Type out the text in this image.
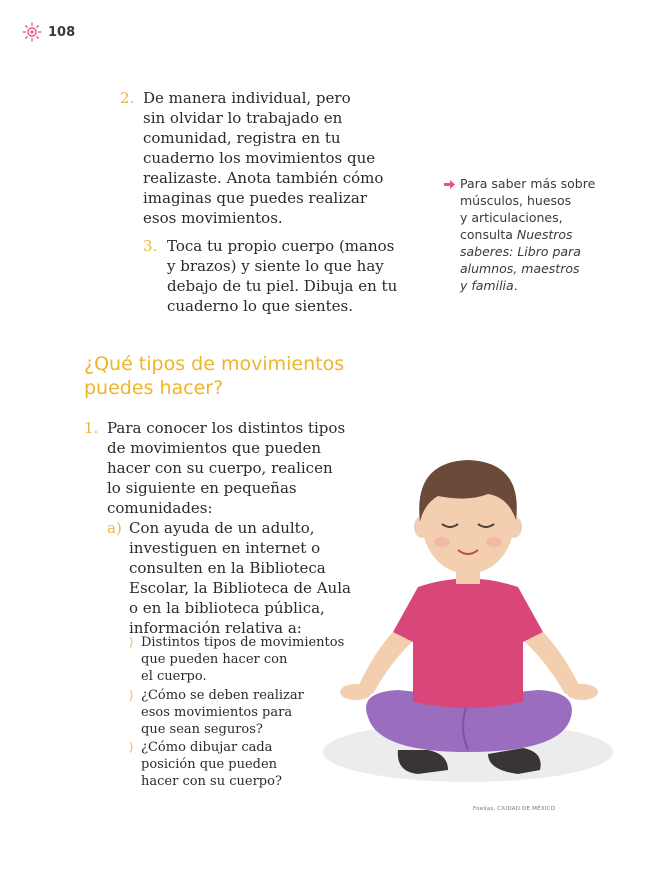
108
2. De manera individual, pero
sin olvidar lo trabajado en
comunidad, registra en tu
cuaderno los movimientos que
realizaste. Anota también cómo
imaginas que puedes realizar
esos movimientos.
3. Toca tu propio cuerpo (manos
y brazos) y siente lo que hay
debajo de tu piel. Dibuja en tu
cuaderno lo que sientes.
Para saber más sobre
músculos, huesos
y articulaciones,
consulta Nuestros
saberes: Libro para
alumnos, maestros
y familia.
¿Qué tipos de movimientos
puedes hacer?
1. Para conocer los distintos tipos
de movimientos que pueden
hacer con su cuerpo, realicen
lo siguiente en pequeñas
comunidades:
a) Con ayuda de un adulto,
investiguen en internet o
consulten en la Biblioteca
Escolar, la Biblioteca de Aula
o en la biblioteca pública,
información relativa a:
⟩ Distintos tipos de movimientos
que pueden hacer con
el cuerpo.
⟩ ¿Cómo se deben realizar
esos movimientos para
que sean seguros?
⟩ ¿Cómo dibujar cada
posición que pueden
hacer con su cuerpo?
Foelias, CIUDAD DE MÉXICO
